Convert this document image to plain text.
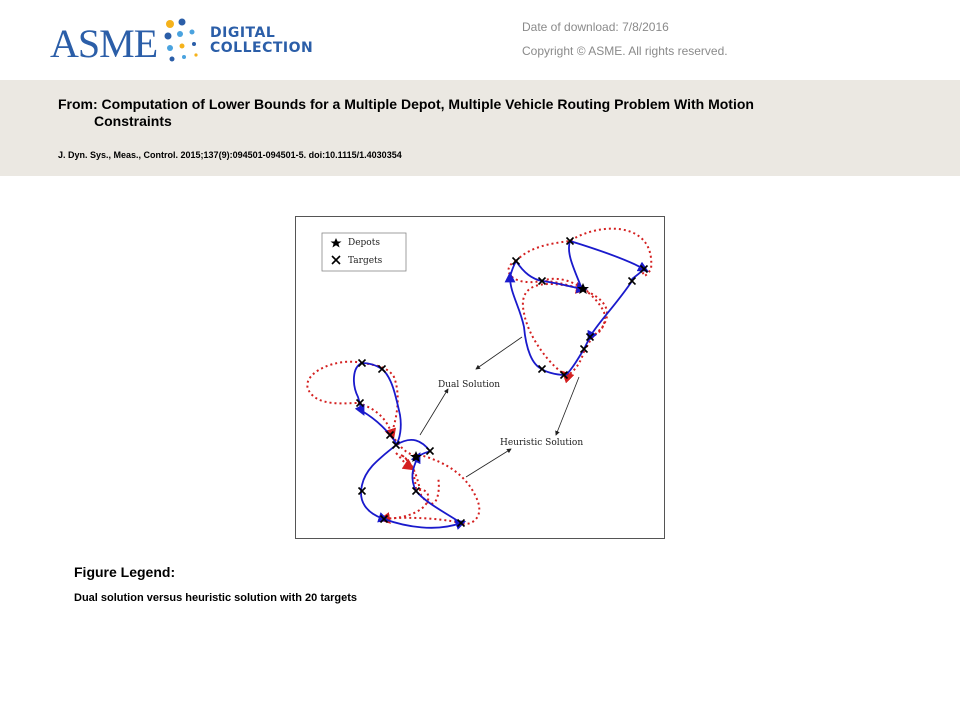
ASME	DIGITAL
COLLECTION
Date of download: 7/8/2016
Copyright © ASME. All rights reserved.
From: Computation of Lower Bounds for a Multiple Depot, Multiple Vehicle Routing Problem With Motion
Constraints
J. Dyn. Sys., Meas., Control. 2015;137(9):094501-094501-5. doi:10.1115/1.4030354
Depots
Targets
Dual Solution
Heuristic Solution
Figure Legend:
Dual solution versus heuristic solution with 20 targets
